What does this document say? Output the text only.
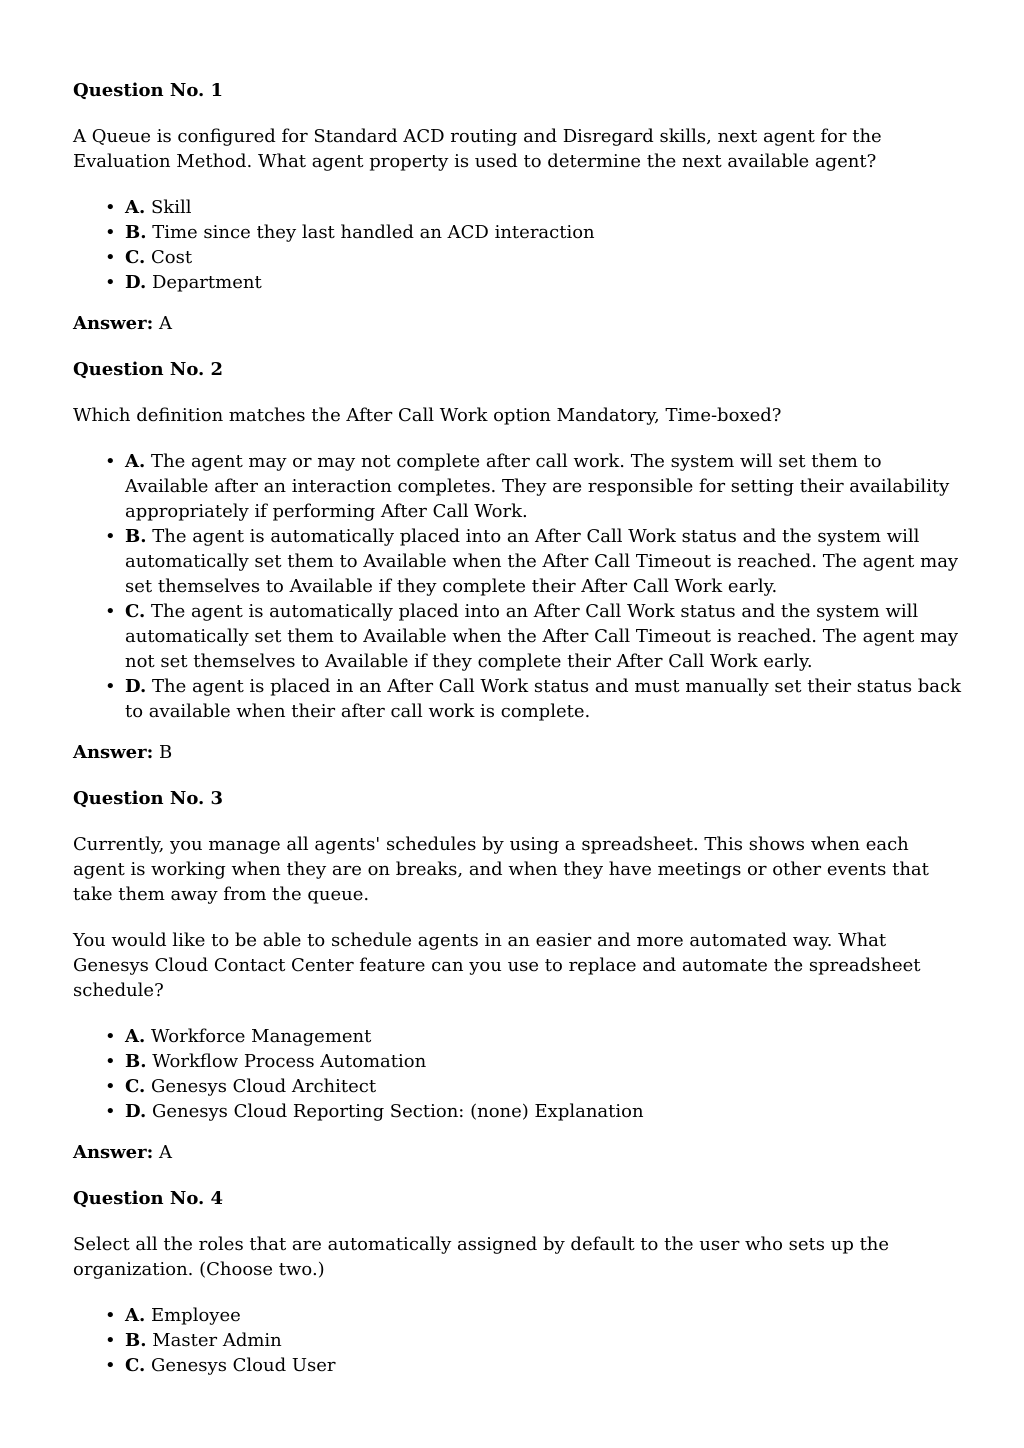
Question No. 1

A Queue is configured for Standard ACD routing and Disregard skills, next agent for the Evaluation Method. What agent property is used to determine the next available agent?

• A. Skill
• B. Time since they last handled an ACD interaction
• C. Cost
• D. Department

Answer: A

Question No. 2

Which definition matches the After Call Work option Mandatory, Time-boxed?

• A. The agent may or may not complete after call work. The system will set them to Available after an interaction completes. They are responsible for setting their availability appropriately if performing After Call Work.
• B. The agent is automatically placed into an After Call Work status and the system will automatically set them to Available when the After Call Timeout is reached. The agent may set themselves to Available if they complete their After Call Work early.
• C. The agent is automatically placed into an After Call Work status and the system will automatically set them to Available when the After Call Timeout is reached. The agent may not set themselves to Available if they complete their After Call Work early.
• D. The agent is placed in an After Call Work status and must manually set their status back to available when their after call work is complete.

Answer: B

Question No. 3

Currently, you manage all agents' schedules by using a spreadsheet. This shows when each agent is working when they are on breaks, and when they have meetings or other events that take them away from the queue.

You would like to be able to schedule agents in an easier and more automated way. What Genesys Cloud Contact Center feature can you use to replace and automate the spreadsheet schedule?

• A. Workforce Management
• B. Workflow Process Automation
• C. Genesys Cloud Architect
• D. Genesys Cloud Reporting Section: (none) Explanation

Answer: A

Question No. 4

Select all the roles that are automatically assigned by default to the user who sets up the organization. (Choose two.)

• A. Employee
• B. Master Admin
• C. Genesys Cloud User
